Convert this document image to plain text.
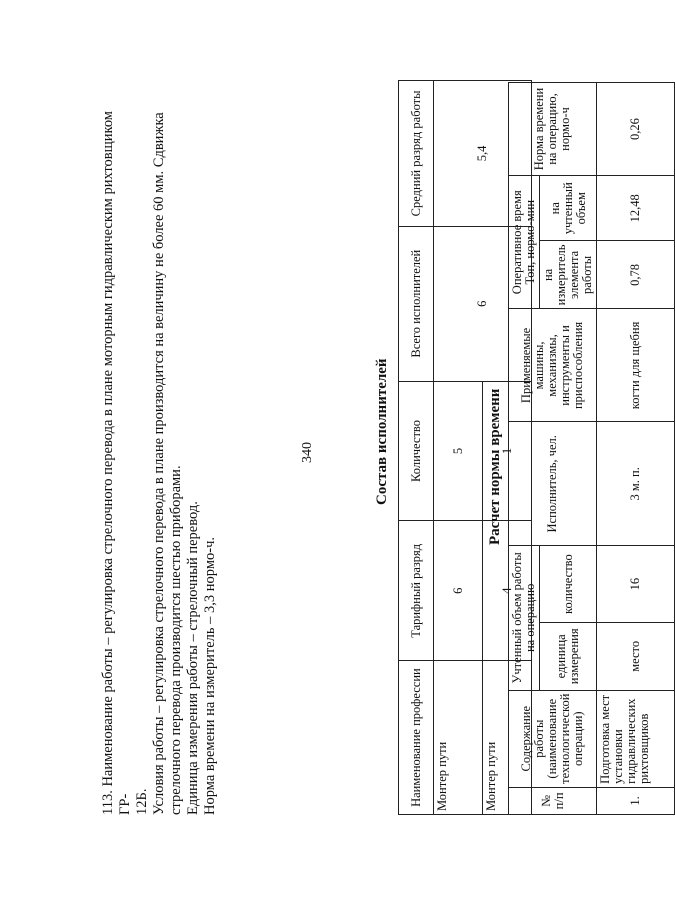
340

113. Наименование работы – регулировка стрелочного перевода в плане моторным гидравлическим рихтовщиком ГР- 12Б. Условия работы – регулировка стрелочного перевода в плане производится на величину не более 60 мм. Сдвижка стрелочного перевода производится шестью приборами. Единица измерения работы – стрелочный перевод. Норма времени на измеритель – 3,3 нормо-ч.

Состав исполнителей
Наименование профессии	Тарифный разряд	Количество	Всего исполнителей	Средний разряд работы
Монтер пути	6	5	6	5,4
Монтер пути	4	1		
Расчет нормы времени
№ п/п	Содержание работы (наименование технологической операции)	Учтенный объем работы на операцию		Исполнитель, чел.	Применяемые машины, механизмы, инструменты и приспособления	Оперативное время Топ, нормо-мин		Норма времени на операцию, нормо-ч
		единица измерения	количество			на измеритель элемента работы	на учтенный объем	
1.	Подготовка мест установки гидравлических рихтовщиков	место	16	3 м. п.	когти для щебня	0,78	12,48	0,26
